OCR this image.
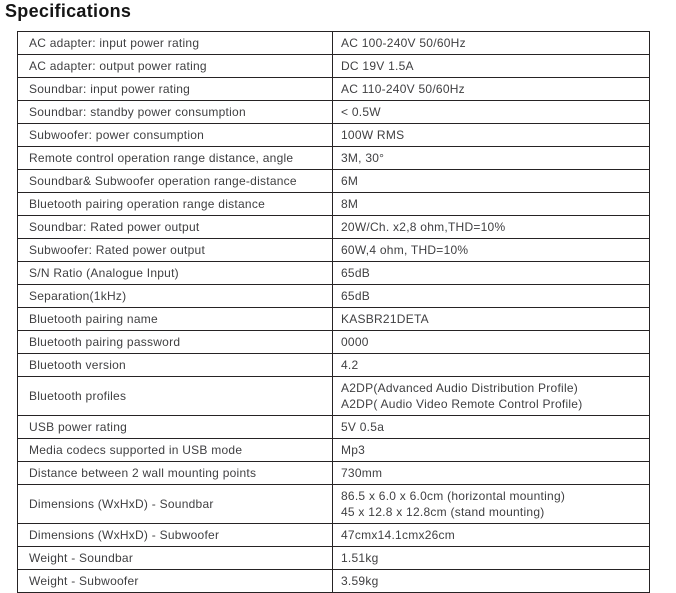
Specifications
AC adapter: input power rating	AC 100-240V 50/60Hz

AC adapter: output power rating	DC 19V 1.5A

Soundbar: input power rating	AC 110-240V 50/60Hz

Soundbar: standby power consumption	< 0.5W

Subwoofer: power consumption	100W RMS

Remote control operation range distance, angle	3M, 30°

Soundbar& Subwoofer operation range-distance	6M

Bluetooth pairing operation range distance	8M

Soundbar: Rated power output	20W/Ch. x2,8 ohm,THD=10%

Subwoofer: Rated power output	60W,4 ohm, THD=10%

S/N Ratio (Analogue Input)	65dB

Separation(1kHz)	65dB

Bluetooth pairing name	KASBR21DETA

Bluetooth pairing password	0000

Bluetooth version	4.2

Bluetooth profiles	A2DP(Advanced Audio Distribution Profile)
A2DP( Audio Video Remote Control Profile)

USB power rating	5V 0.5a

Media codecs supported in USB mode	Mp3

Distance between 2 wall mounting points	730mm

Dimensions (WxHxD) - Soundbar	86.5 x 6.0 x 6.0cm (horizontal mounting)
45 x 12.8 x 12.8cm (stand mounting)

Dimensions (WxHxD) - Subwoofer	47cmx14.1cmx26cm

Weight - Soundbar	1.51kg

Weight - Subwoofer	3.59kg
